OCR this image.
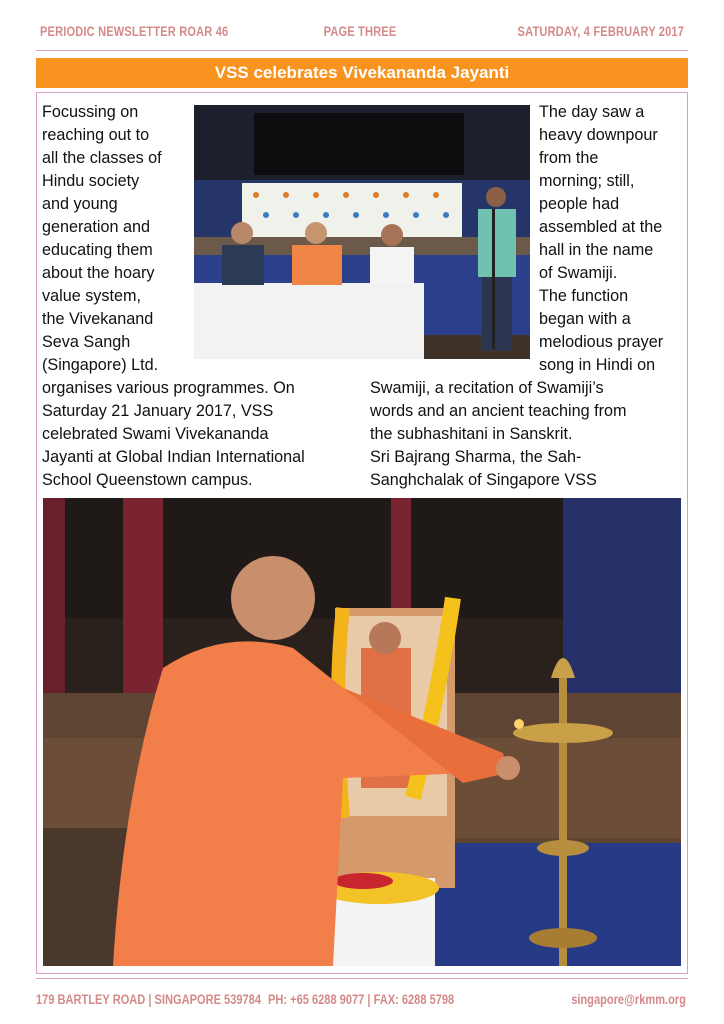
PERIODIC NEWSLETTER ROAR 46	PAGE THREE	SATURDAY, 4 FEBRUARY 2017
VSS celebrates Vivekananda Jayanti
Focussing on
reaching out to
all the classes of
Hindu society
and young
generation and
educating them
about the hoary
value system,
the Vivekanand
Seva Sangh
(Singapore) Ltd.
The day saw a
heavy downpour
from the
morning; still,
people had
assembled at the
hall in the name
of Swamiji.
The function
began with a
melodious prayer
song in Hindi on
organises various programmes. On
Saturday 21 January 2017, VSS
celebrated Swami Vivekananda
Jayanti at Global Indian International
School Queenstown campus.
Swamiji, a recitation of Swamiji’s
words and an ancient teaching from
the subhashitani in Sanskrit.
Sri Bajrang Sharma, the Sah-
Sanghchalak of Singapore VSS
179 BARTLEY ROAD | SINGAPORE 539784 PH: +65 6288 9077 | FAX: 6288 5798	singapore@rkmm.org
